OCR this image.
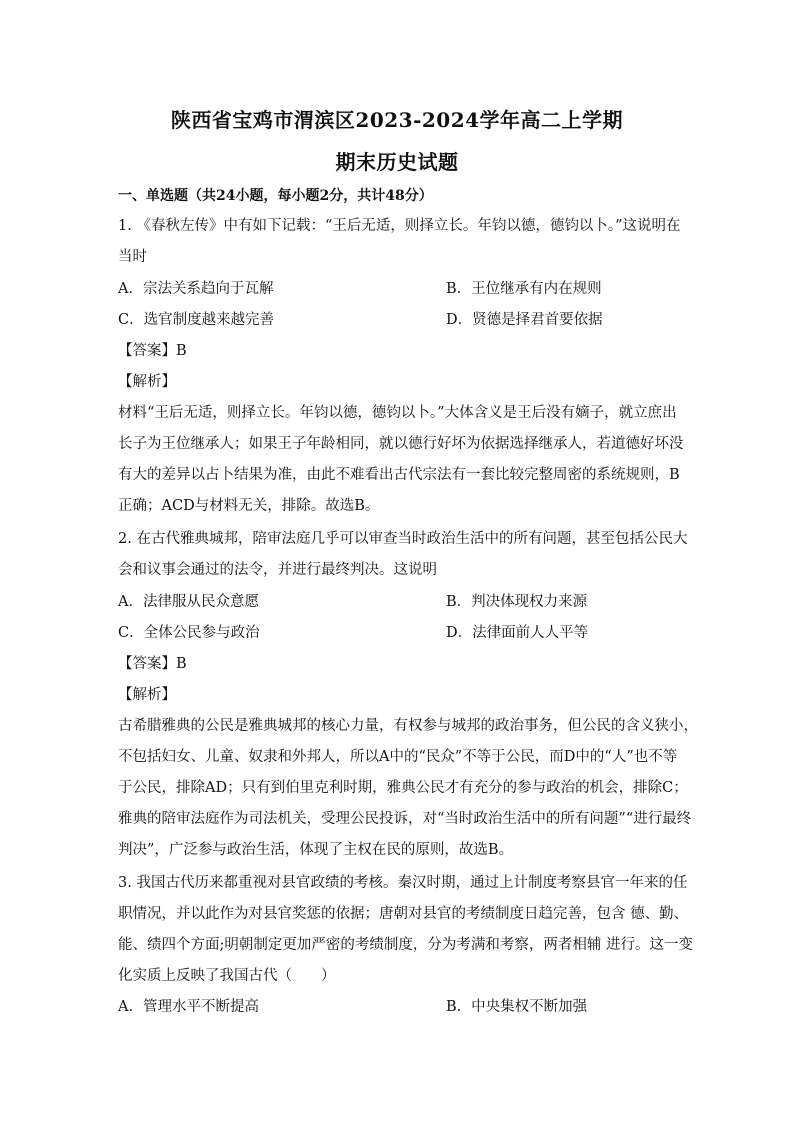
陕西省宝鸡市渭滨区2023-2024学年高二上学期
期末历史试题
一、单选题（共24小题，每小题2分，共计48分）
1. 《春秋左传》中有如下记载：“王后无适，则择立长。年钧以德，德钧以卜。”这说明在
当时
A．宗法关系趋向于瓦解	B．王位继承有内在规则
C．选官制度越来越完善	D．贤德是择君首要依据
【答案】B
【解析】
材料“王后无适，则择立长。年钧以德，德钧以卜。”大体含义是王后没有嫡子，就立庶出
长子为王位继承人；如果王子年龄相同，就以德行好坏为依据选择继承人，若道德好坏没
有大的差异以占卜结果为准，由此不难看出古代宗法有一套比较完整周密的系统规则，B
正确；ACD与材料无关，排除。故选B。
2. 在古代雅典城邦，陪审法庭几乎可以审查当时政治生活中的所有问题，甚至包括公民大
会和议事会通过的法令，并进行最终判决。这说明
A．法律服从民众意愿	B．判决体现权力来源
C．全体公民参与政治	D．法律面前人人平等
【答案】B
【解析】
古希腊雅典的公民是雅典城邦的核心力量，有权参与城邦的政治事务，但公民的含义狭小，
不包括妇女、儿童、奴隶和外邦人，所以A中的“民众”不等于公民，而D中的“人”也不等
于公民，排除AD；只有到伯里克利时期，雅典公民才有充分的参与政治的机会，排除C；
雅典的陪审法庭作为司法机关，受理公民投诉，对“当时政治生活中的所有问题”“进行最终
判决”，广泛参与政治生活，体现了主权在民的原则，故选B。
3. 我国古代历来都重视对县官政绩的考核。秦汉时期，通过上计制度考察县官一年来的任
职情况，并以此作为对县官奖惩的依据；唐朝对县官的考绩制度日趋完善，包含 德、勤、
能、绩四个方面;明朝制定更加严密的考绩制度，分为考满和考察，两者相辅 进行。这一变
化实质上反映了我国古代（　　）
A．管理水平不断提高	B．中央集权不断加强
